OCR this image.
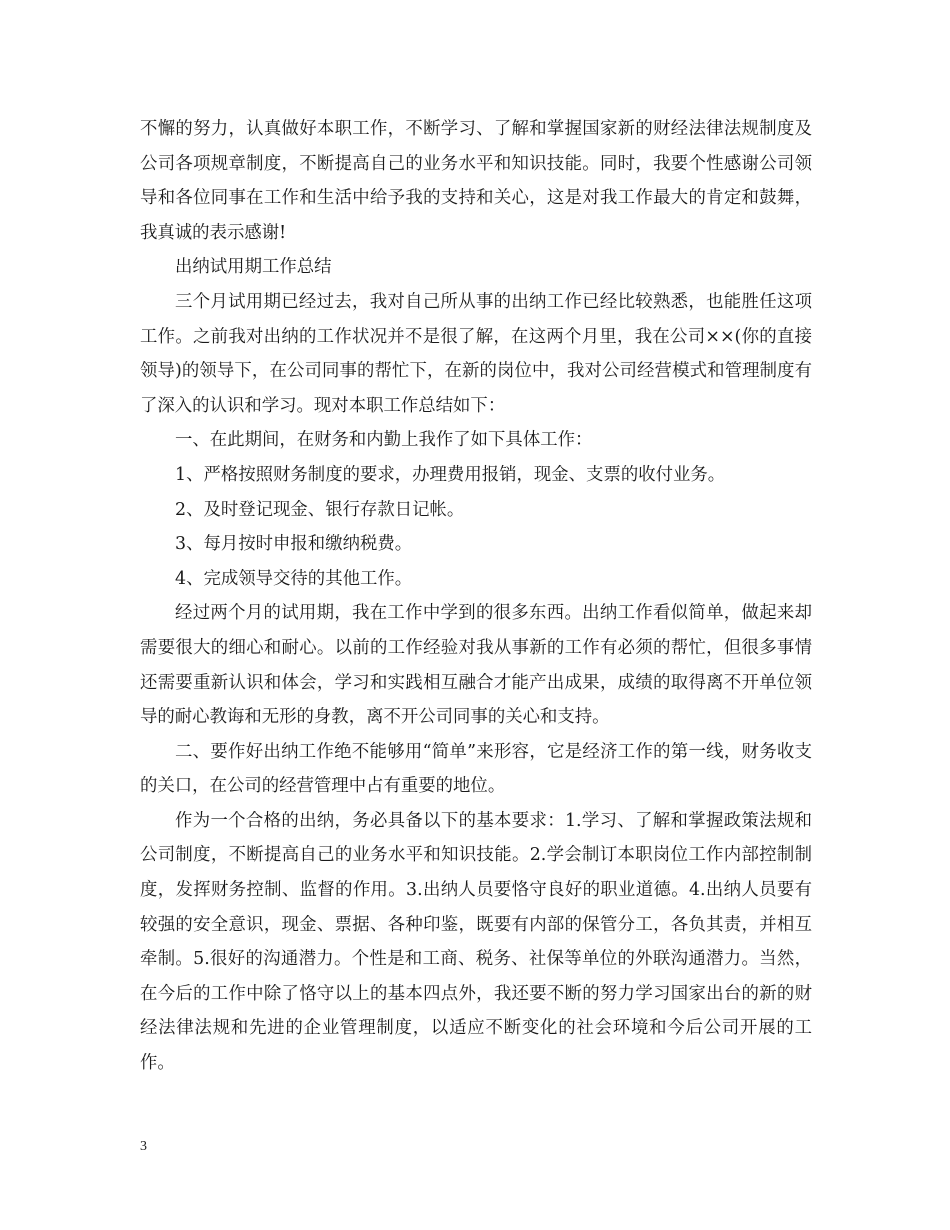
不懈的努力，认真做好本职工作，不断学习、了解和掌握国家新的财经法律法规制度及公司各项规章制度，不断提高自己的业务水平和知识技能。同时，我要个性感谢公司领导和各位同事在工作和生活中给予我的支持和关心，这是对我工作最大的肯定和鼓舞，我真诚的表示感谢!

出纳试用期工作总结

三个月试用期已经过去，我对自己所从事的出纳工作已经比较熟悉，也能胜任这项工作。之前我对出纳的工作状况并不是很了解，在这两个月里，我在公司××(你的直接领导)的领导下，在公司同事的帮忙下，在新的岗位中，我对公司经营模式和管理制度有了深入的认识和学习。现对本职工作总结如下：

一、在此期间，在财务和内勤上我作了如下具体工作：

1、严格按照财务制度的要求，办理费用报销，现金、支票的收付业务。

2、及时登记现金、银行存款日记帐。

3、每月按时申报和缴纳税费。

4、完成领导交待的其他工作。

经过两个月的试用期，我在工作中学到的很多东西。出纳工作看似简单，做起来却需要很大的细心和耐心。以前的工作经验对我从事新的工作有必须的帮忙，但很多事情还需要重新认识和体会，学习和实践相互融合才能产出成果，成绩的取得离不开单位领导的耐心教诲和无形的身教，离不开公司同事的关心和支持。

二、要作好出纳工作绝不能够用“简单”来形容，它是经济工作的第一线，财务收支的关口，在公司的经营管理中占有重要的地位。

作为一个合格的出纳，务必具备以下的基本要求：1.学习、了解和掌握政策法规和公司制度，不断提高自己的业务水平和知识技能。2.学会制订本职岗位工作内部控制制度，发挥财务控制、监督的作用。3.出纳人员要恪守良好的职业道德。4.出纳人员要有较强的安全意识，现金、票据、各种印鉴，既要有内部的保管分工，各负其责，并相互牵制。5.很好的沟通潜力。个性是和工商、税务、社保等单位的外联沟通潜力。当然，在今后的工作中除了恪守以上的基本四点外，我还要不断的努力学习国家出台的新的财经法律法规和先进的企业管理制度，以适应不断变化的社会环境和今后公司开展的工作。

3
